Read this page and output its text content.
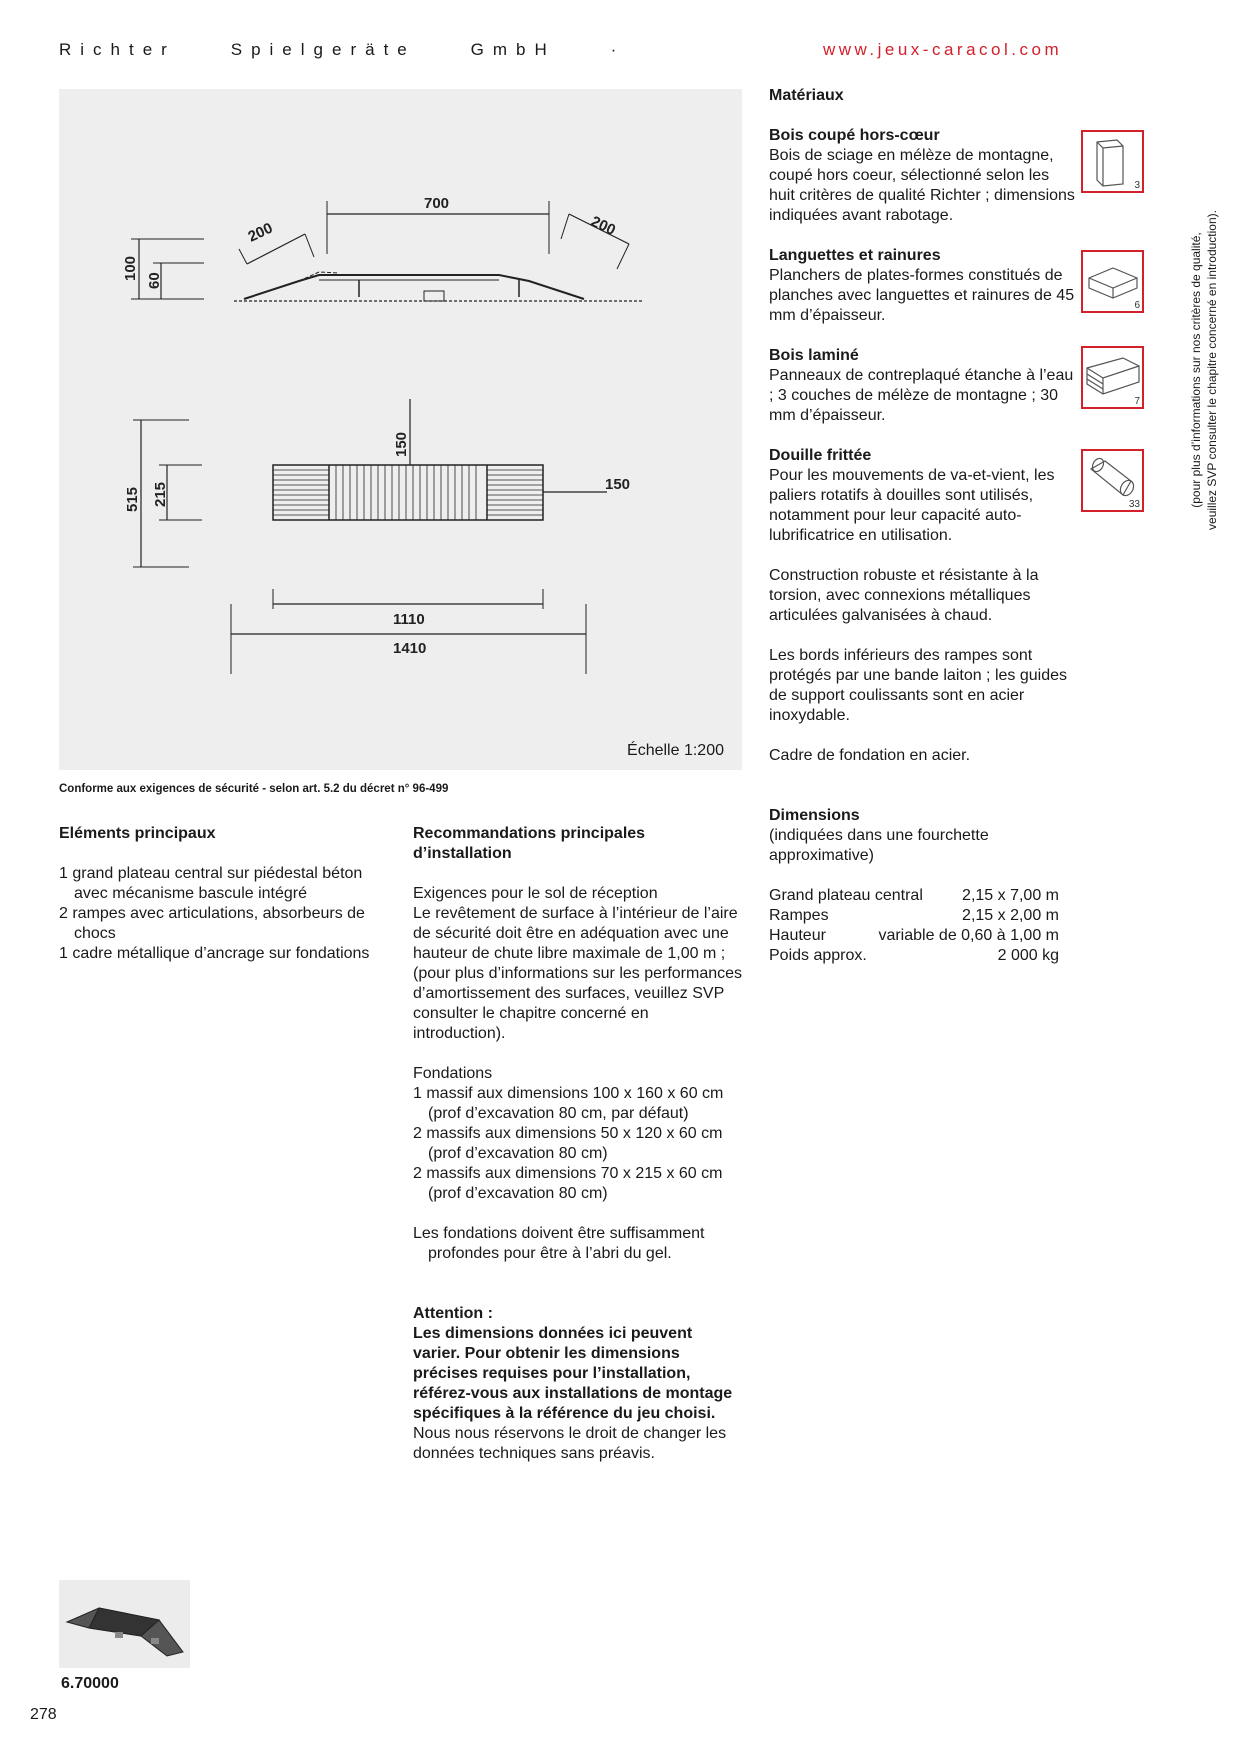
Richter    Spielgeräte    GmbH    ·	www.jeux-caracol.com
200
700
200
100 60
515 215
150
150
1110
1410
Échelle 1:200
Conforme aux exigences de sécurité - selon art. 5.2 du décret n° 96-499
Eléments principaux
1 grand plateau central sur piédestal béton avec mécanisme bascule intégré
2 rampes avec articulations, absorbeurs de chocs
1 cadre métallique d’ancrage sur fondations
Recommandations principales d’installation
Exigences pour le sol de réception
Le revêtement de surface à l’intérieur de l’aire de sécurité doit être en adéquation avec une hauteur de chute libre maximale de 1,00 m ; (pour plus d’informations sur les performances d’amortissement des surfaces, veuillez SVP consulter le chapitre concerné en introduction).
Fondations
1 massif aux dimensions 100 x 160 x 60 cm (prof d’excavation 80 cm, par défaut)
2 massifs aux dimensions 50 x 120 x 60 cm (prof d’excavation 80 cm)
2 massifs aux dimensions 70 x 215 x 60 cm (prof d’excavation 80 cm)
Les fondations doivent être suffisamment profondes pour être à l’abri du gel.
Attention :
Les dimensions données ici peuvent varier. Pour obtenir les dimensions précises requises pour l’installation, référez-vous aux installations de montage spécifiques à la référence du jeu choisi.
Nous nous réservons le droit de changer les données techniques sans préavis.
Matériaux
Bois coupé hors-cœur
Bois de sciage en mélèze de montagne, coupé hors coeur, sélectionné selon les huit critères de qualité Richter ; dimensions indiquées avant rabotage.
3
Languettes et rainures
Planchers de plates-formes constitués de planches avec languettes et rainures de 45 mm d’épaisseur.
6
Bois laminé
Panneaux de contreplaqué étanche à l’eau ; 3 couches de mélèze de montagne ; 30 mm d’épaisseur.
7
Douille frittée
Pour les mouvements de va-et-vient, les paliers rotatifs à douilles sont utilisés, notamment pour leur capacité auto-lubrificatrice en utilisation.
33
Construction robuste et résistante à la torsion, avec connexions métalliques articulées galvanisées à chaud.
Les bords inférieurs des rampes sont protégés par une bande laiton ; les guides de support coulissants sont en acier inoxydable.
Cadre de fondation en acier.
Dimensions
(indiquées dans une fourchette approximative)
Grand plateau central 2,15 x 7,00 m
Rampes	2,15 x 2,00 m
Hauteur	variable de 0,60 à 1,00 m
Poids approx.	2 000 kg
(pour plus d’informations sur nos critères de qualité, veuillez SVP consulter le chapitre concerné en introduction).
6.70000
278
